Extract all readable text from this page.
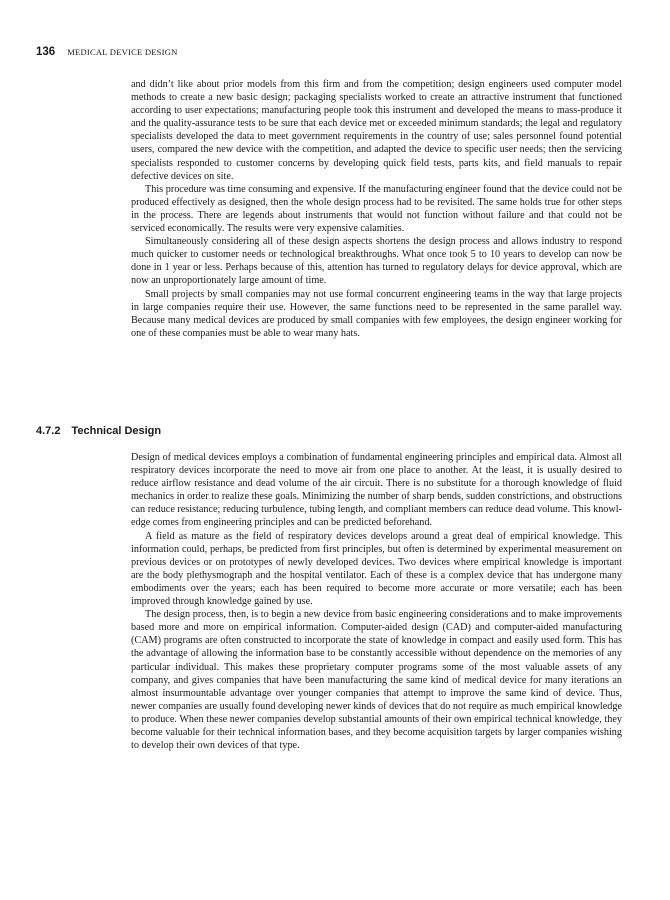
136 MEDICAL DEVICE DESIGN

and didn’t like about prior models from this firm and from the competition; design engineers used computer model methods to create a new basic design; packaging specialists worked to create an attractive instrument that functioned according to user expectations; manufacturing people took this instrument and developed the means to mass-produce it and the quality-assurance tests to be sure that each device met or exceeded minimum standards; the legal and regulatory specialists developed the data to meet government requirements in the country of use; sales personnel found potential users, compared the new device with the competition, and adapted the device to specific user needs; then the servicing specialists responded to customer concerns by developing quick field tests, parts kits, and field manuals to repair defective devices on site.

This procedure was time consuming and expensive. If the manufacturing engineer found that the device could not be produced effectively as designed, then the whole design process had to be revisited. The same holds true for other steps in the process. There are legends about instruments that would not function without failure and that could not be serviced economically. The results were very expensive calamities.

Simultaneously considering all of these design aspects shortens the design process and allows industry to respond much quicker to customer needs or technological breakthroughs. What once took 5 to 10 years to develop can now be done in 1 year or less. Perhaps because of this, attention has turned to regulatory delays for device approval, which are now an unproportionately large amount of time.

Small projects by small companies may not use formal concurrent engineering teams in the way that large projects in large companies require their use. However, the same functions need to be represented in the same parallel way. Because many medical devices are produced by small companies with few employees, the design engineer working for one of these companies must be able to wear many hats.

4.7.2 Technical Design

Design of medical devices employs a combination of fundamental engineering principles and empirical data. Almost all respiratory devices incorporate the need to move air from one place to another. At the least, it is usually desired to reduce airflow resistance and dead volume of the air circuit. There is no substitute for a thorough knowledge of fluid mechanics in order to realize these goals. Minimizing the number of sharp bends, sudden constrictions, and obstructions can reduce resistance; reducing turbulence, tubing length, and compliant members can reduce dead volume. This knowledge comes from engineering principles and can be predicted beforehand.

A field as mature as the field of respiratory devices develops around a great deal of empirical knowledge. This information could, perhaps, be predicted from first principles, but often is determined by experimental measurement on previous devices or on prototypes of newly developed devices. Two devices where empirical knowledge is important are the body plethysmograph and the hospital ventilator. Each of these is a complex device that has undergone many embodiments over the years; each has been required to become more accurate or more versatile; each has been improved through knowledge gained by use.

The design process, then, is to begin a new device from basic engineering considerations and to make improvements based more and more on empirical information. Computer-aided design (CAD) and computer-aided manufacturing (CAM) programs are often constructed to incorporate the state of knowledge in compact and easily used form. This has the advantage of allowing the information base to be constantly accessible without dependence on the memories of any particular individual. This makes these proprietary computer programs some of the most valuable assets of any company, and gives companies that have been manufacturing the same kind of medical device for many iterations an almost insurmountable advantage over younger companies that attempt to improve the same kind of device. Thus, newer companies are usually found developing newer kinds of devices that do not require as much empirical knowledge to produce. When these newer companies develop substantial amounts of their own empirical technical knowledge, they become valuable for their technical information bases, and they become acquisition targets by larger companies wishing to develop their own devices of that type.
